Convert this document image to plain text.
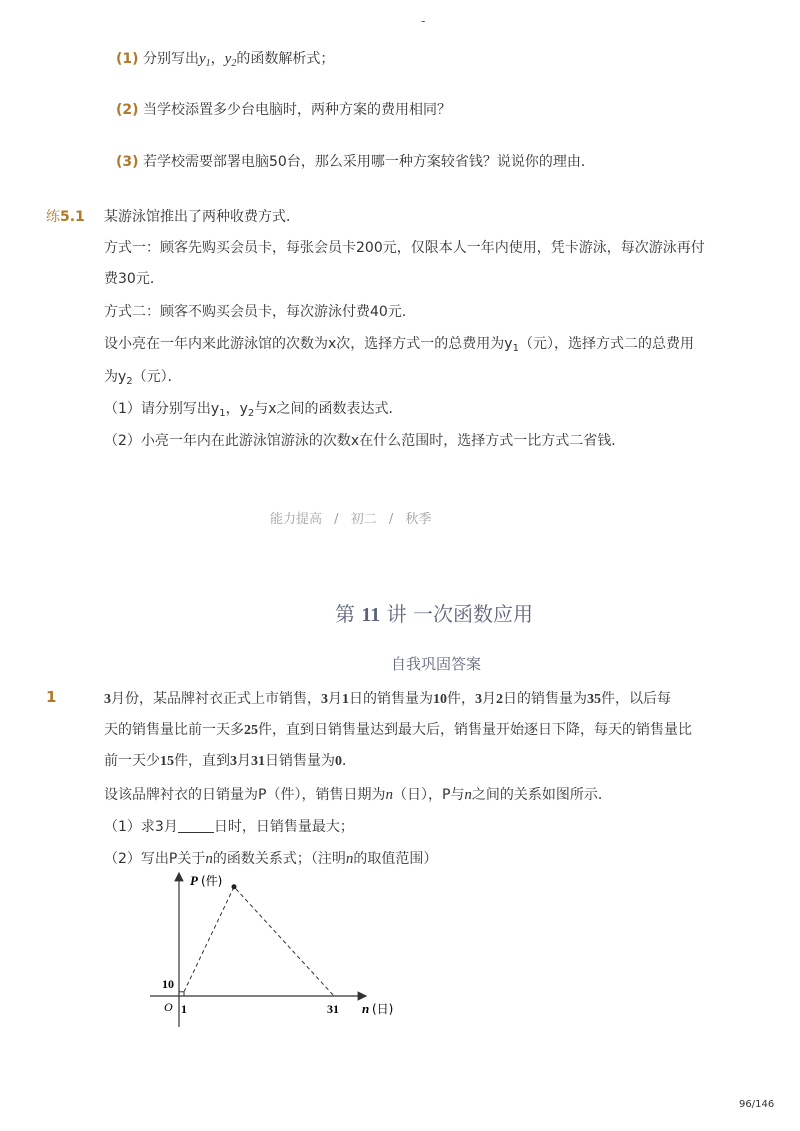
-
(1) 分别写出$y_1$，$y_2$的函数解析式；
(2) 当学校添置多少台电脑时，两种方案的费用相同？
(3) 若学校需要部署电脑50台，那么采用哪一种方案较省钱？说说你的理由．
练5.1 某游泳馆推出了两种收费方式．
方式一：顾客先购买会员卡，每张会员卡200元，仅限本人一年内使用，凭卡游泳，每次游泳再付
费30元．
方式二：顾客不购买会员卡，每次游泳付费40元．
设小亮在一年内来此游泳馆的次数为x次，选择方式一的总费用为$y_1$（元），选择方式二的总费用
为$y_2$（元）．
（1）请分别写出$y_1$，$y_2$与x之间的函数表达式．
（2）小亮一年内在此游泳馆游泳的次数x在什么范围时，选择方式一比方式二省钱．
能力提高 / 初二 / 秋季
第 11 讲 一次函数应用
自我巩固答案
1	3月份，某品牌衬衣正式上市销售，3月1日的销售量为10件，3月2日的销售量为35件，以后每
天的销售量比前一天多25件，直到日销售量达到最大后，销售量开始逐日下降，每天的销售量比
前一天少15件，直到3月31日销售量为0．
设该品牌衬衣的日销量为P（件），销售日期为n（日），P与n之间的关系如图所示．
（1）求3月	日时，日销售量最大；
（2）写出P关于n的函数关系式；（注明n的取值范围）
1	31
P (件)
n (日)
O
10
96/146
